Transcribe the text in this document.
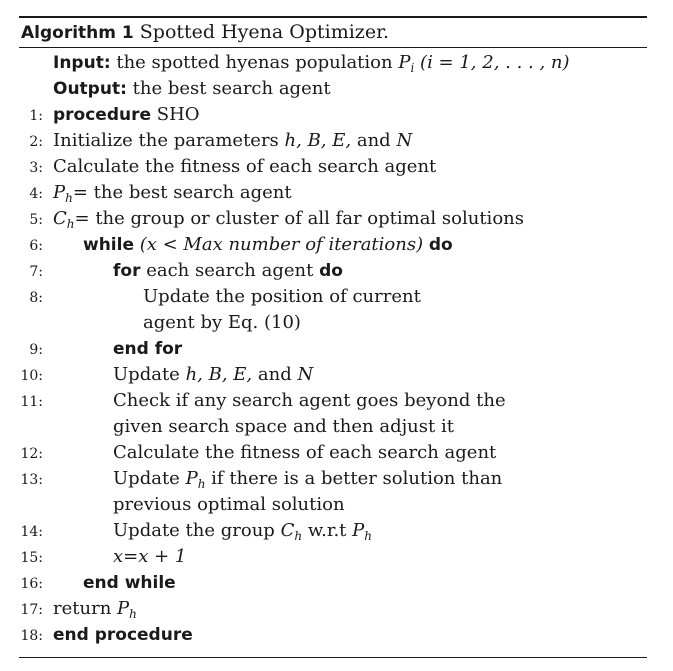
Algorithm 1 Spotted Hyena Optimizer.
Input: the spotted hyenas population $P_i$ (i = 1, 2, . . . , n)
Output: the best search agent
1: procedure SHO
2: Initialize the parameters h, B, E, and N
3: Calculate the fitness of each search agent
4: $P_h=$ the best search agent
5: $C_h=$ the group or cluster of all far optimal solutions
6: while (x < Max number of iterations) do
7:	for each search agent do
8:	Update the position of current
agent by Eq. (10)
9:	end for
10:	Update h, B, E, and N
11:	Check if any search agent goes beyond the
given search space and then adjust it
12:	Calculate the fitness of each search agent
13:	Update $P_h$ if there is a better solution than
previous optimal solution
14:	Update the group $C_h$ w.r.t $P_h$
15:	x=x + 1
16: end while
17: return $P_h$
18: end procedure
